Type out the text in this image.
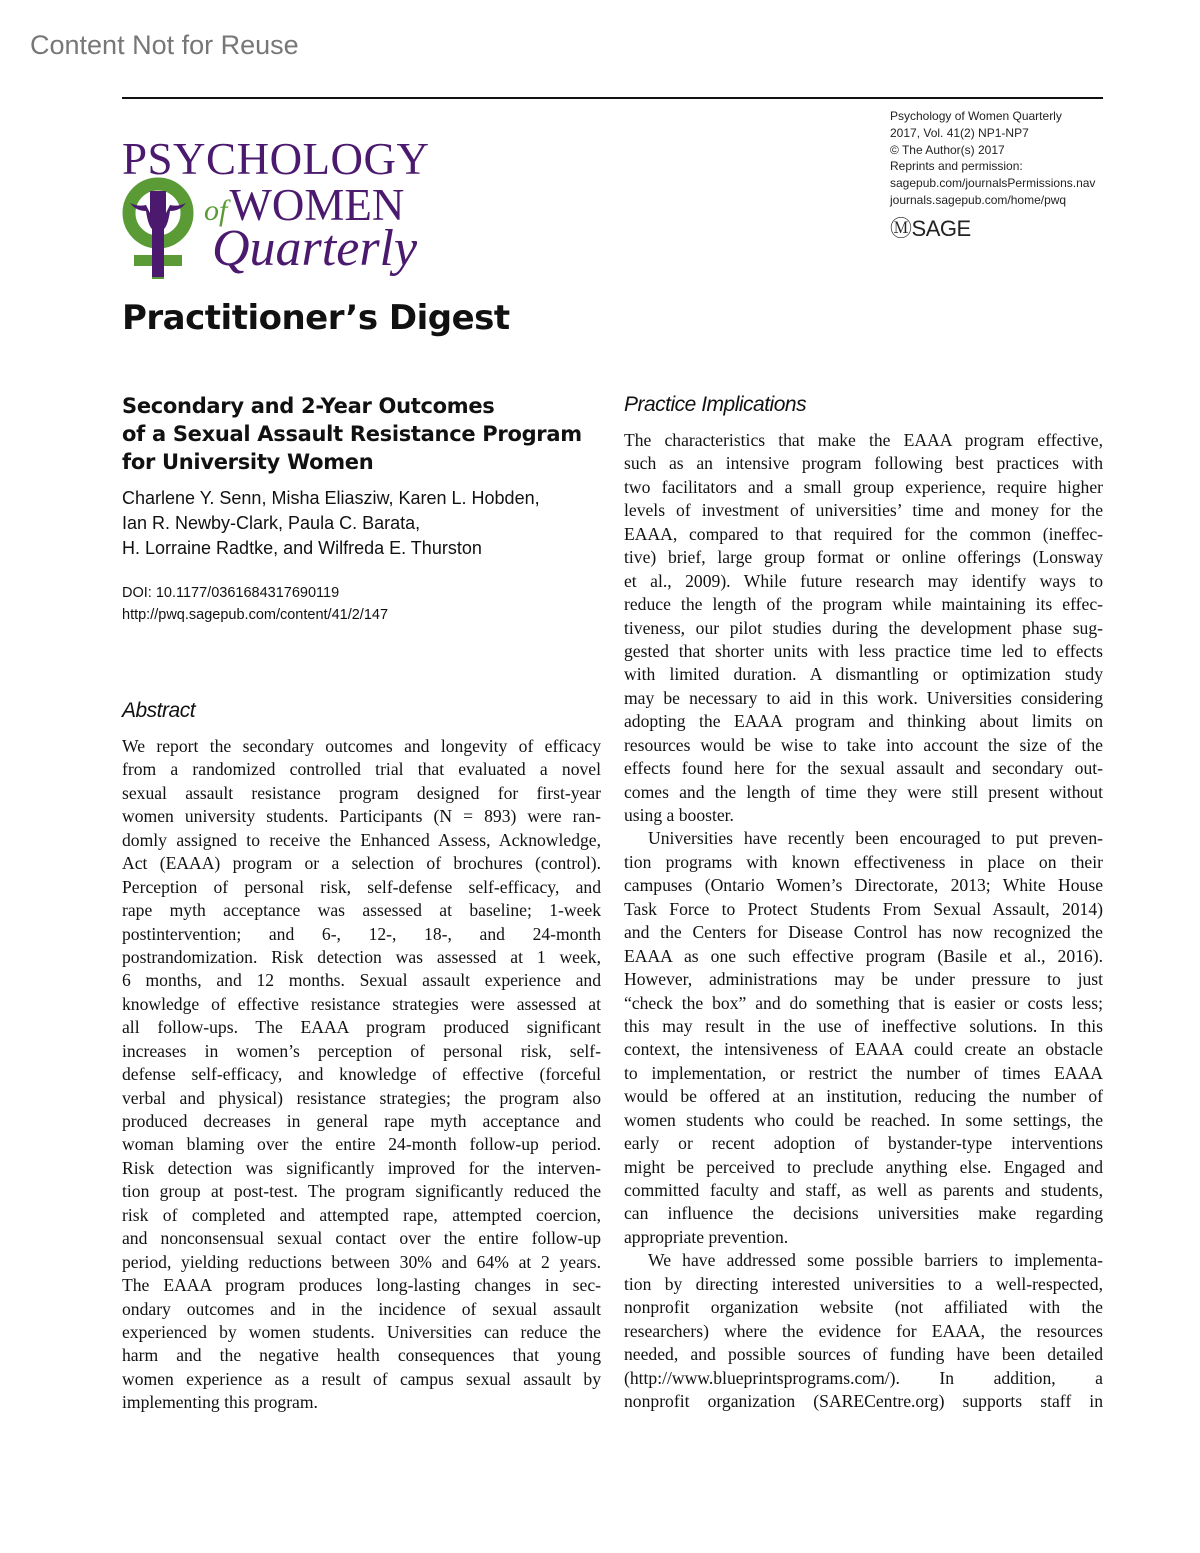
Content Not for Reuse
PSYCHOLOGY
ofWOMEN
Quarterly
Practitioner’s Digest
Psychology of Women Quarterly
2017, Vol. 41(2) NP1-NP7
© The Author(s) 2017
Reprints and permission:
sagepub.com/journalsPermissions.nav
journals.sagepub.com/home/pwq
ⓂSAGE
Secondary and 2-Year Outcomes
of a Sexual Assault Resistance Program
for University Women
Charlene Y. Senn, Misha Eliasziw, Karen L. Hobden,
Ian R. Newby-Clark, Paula C. Barata,
H. Lorraine Radtke, and Wilfreda E. Thurston
DOI: 10.1177/0361684317690119
http://pwq.sagepub.com/content/41/2/147
Abstract
We report the secondary outcomes and longevity of efficacy
from a randomized controlled trial that evaluated a novel
sexual assault resistance program designed for first-year
women university students. Participants (N = 893) were ran-
domly assigned to receive the Enhanced Assess, Acknowledge,
Act (EAAA) program or a selection of brochures (control).
Perception of personal risk, self-defense self-efficacy, and
rape myth acceptance was assessed at baseline; 1-week
postintervention; and 6-, 12-, 18-, and 24-month
postrandomization. Risk detection was assessed at 1 week,
6 months, and 12 months. Sexual assault experience and
knowledge of effective resistance strategies were assessed at
all follow-ups. The EAAA program produced significant
increases in women’s perception of personal risk, self-
defense self-efficacy, and knowledge of effective (forceful
verbal and physical) resistance strategies; the program also
produced decreases in general rape myth acceptance and
woman blaming over the entire 24-month follow-up period.
Risk detection was significantly improved for the interven-
tion group at post-test. The program significantly reduced the
risk of completed and attempted rape, attempted coercion,
and nonconsensual sexual contact over the entire follow-up
period, yielding reductions between 30% and 64% at 2 years.
The EAAA program produces long-lasting changes in sec-
ondary outcomes and in the incidence of sexual assault
experienced by women students. Universities can reduce the
harm and the negative health consequences that young
women experience as a result of campus sexual assault by
implementing this program.
Practice Implications
The characteristics that make the EAAA program effective,
such as an intensive program following best practices with
two facilitators and a small group experience, require higher
levels of investment of universities’ time and money for the
EAAA, compared to that required for the common (ineffec-
tive) brief, large group format or online offerings (Lonsway
et al., 2009). While future research may identify ways to
reduce the length of the program while maintaining its effec-
tiveness, our pilot studies during the development phase sug-
gested that shorter units with less practice time led to effects
with limited duration. A dismantling or optimization study
may be necessary to aid in this work. Universities considering
adopting the EAAA program and thinking about limits on
resources would be wise to take into account the size of the
effects found here for the sexual assault and secondary out-
comes and the length of time they were still present without
using a booster.
Universities have recently been encouraged to put preven-
tion programs with known effectiveness in place on their
campuses (Ontario Women’s Directorate, 2013; White House
Task Force to Protect Students From Sexual Assault, 2014)
and the Centers for Disease Control has now recognized the
EAAA as one such effective program (Basile et al., 2016).
However, administrations may be under pressure to just
“check the box” and do something that is easier or costs less;
this may result in the use of ineffective solutions. In this
context, the intensiveness of EAAA could create an obstacle
to implementation, or restrict the number of times EAAA
would be offered at an institution, reducing the number of
women students who could be reached. In some settings, the
early or recent adoption of bystander-type interventions
might be perceived to preclude anything else. Engaged and
committed faculty and staff, as well as parents and students,
can influence the decisions universities make regarding
appropriate prevention.
We have addressed some possible barriers to implementa-
tion by directing interested universities to a well-respected,
nonprofit organization website (not affiliated with the
researchers) where the evidence for EAAA, the resources
needed, and possible sources of funding have been detailed
(http://www.blueprintsprograms.com/). In addition, a
nonprofit organization (SARECentre.org) supports staff in
